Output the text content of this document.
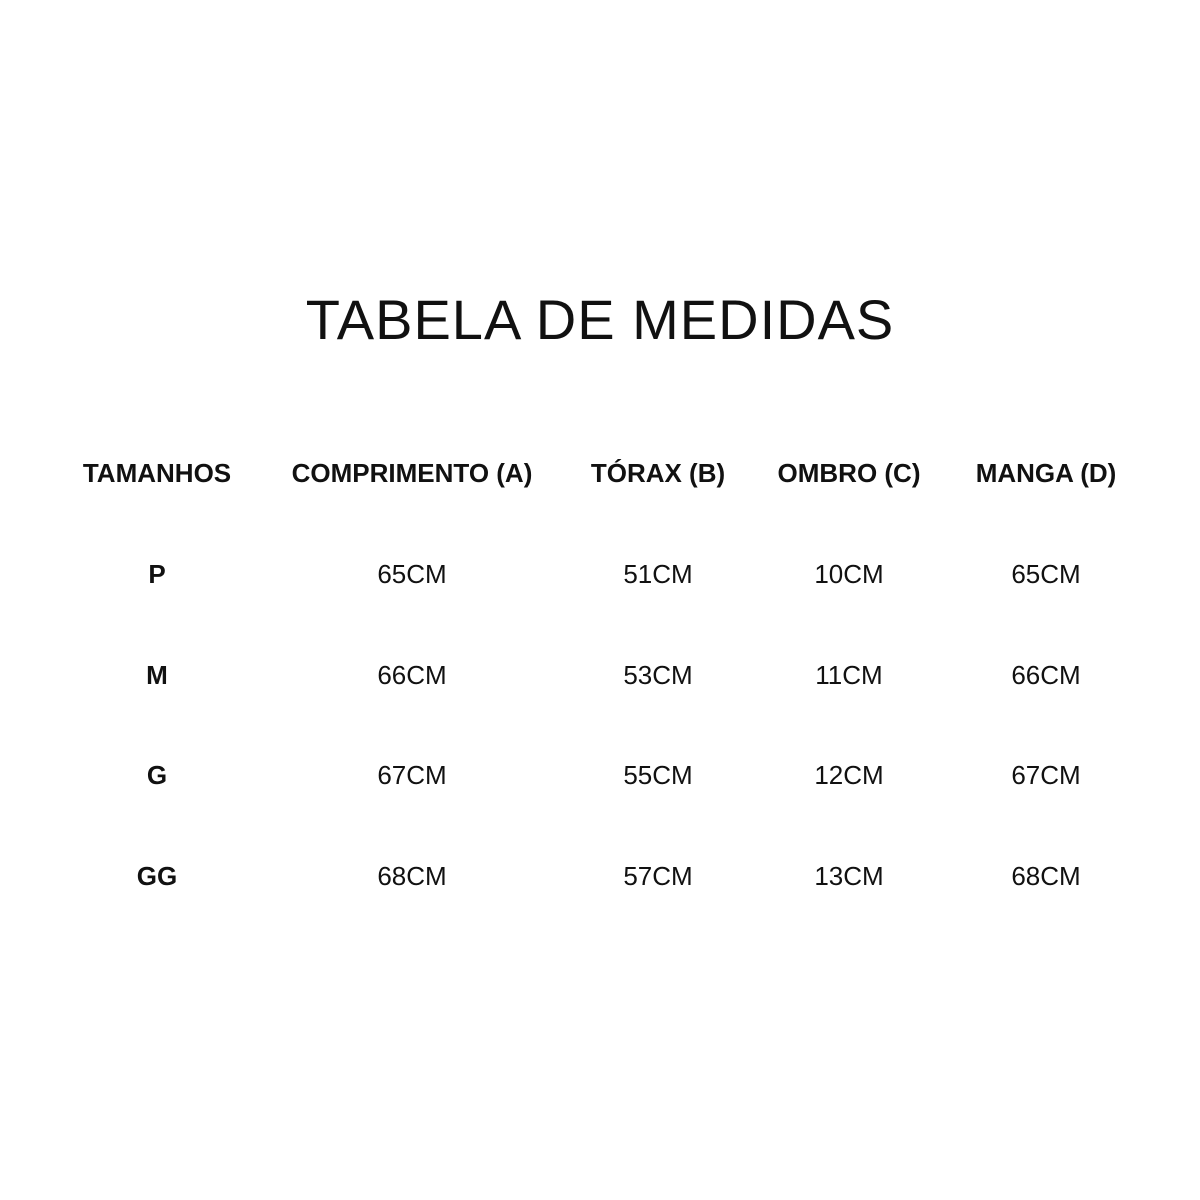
TABELA DE MEDIDAS
TAMANHOS COMPRIMENTO (A) TÓRAX (B) OMBRO (C) MANGA (D)
P	65CM	51CM	10CM	65CM
M	66CM	53CM	11CM	66CM
G	67CM	55CM	12CM	67CM
GG	68CM	57CM	13CM	68CM
